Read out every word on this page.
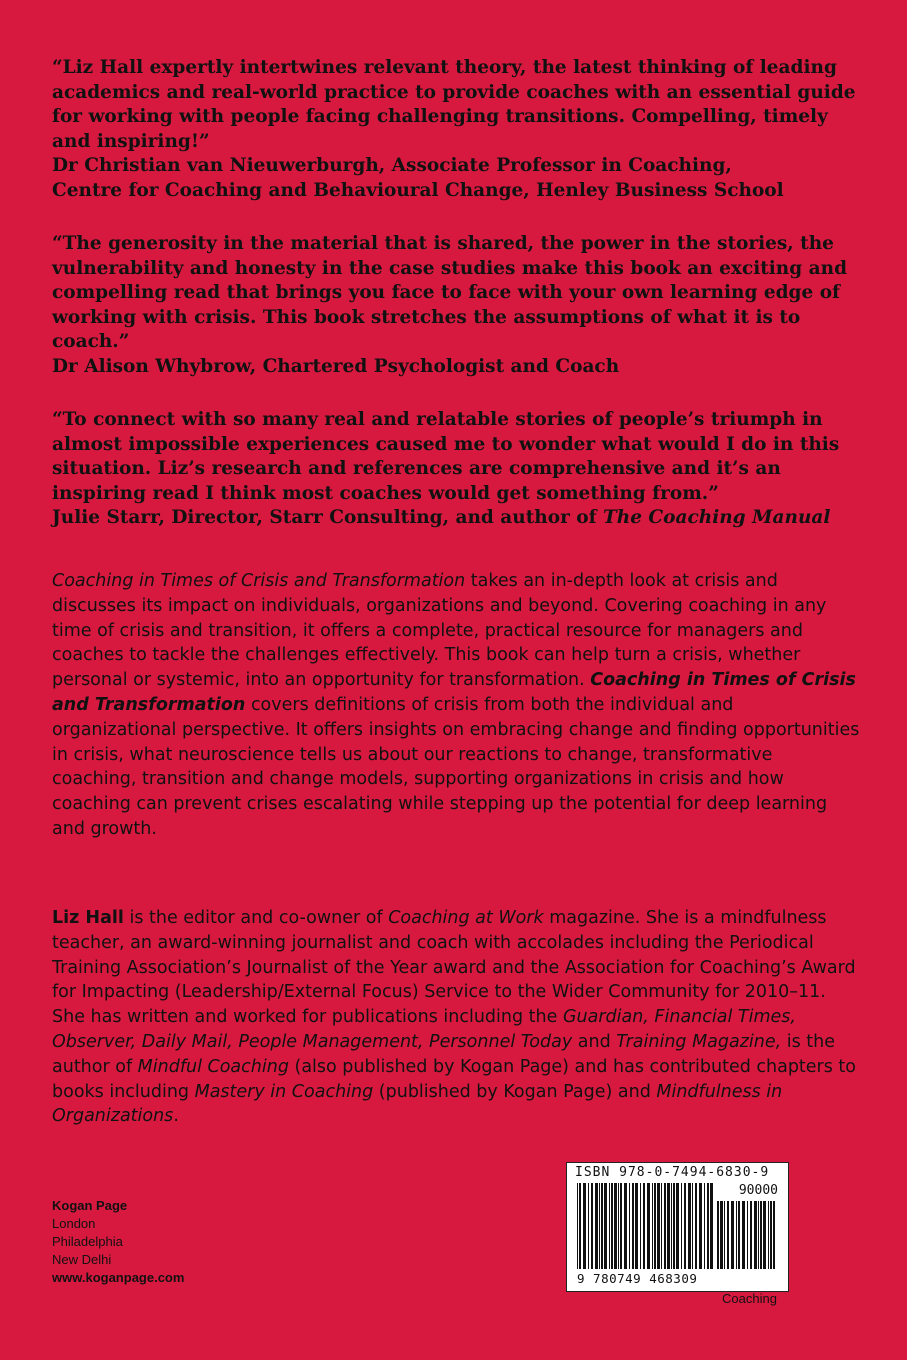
“Liz Hall expertly intertwines relevant theory, the latest thinking of leading academics and real-world practice to provide coaches with an essential guide for working with people facing challenging transitions. Compelling, timely and inspiring!”

Dr Christian van Nieuwerburgh, Associate Professor in Coaching,

Centre for Coaching and Behavioural Change, Henley Business School

“The generosity in the material that is shared, the power in the stories, the vulnerability and honesty in the case studies make this book an exciting and compelling read that brings you face to face with your own learning edge of working with crisis. This book stretches the assumptions of what it is to coach.”

Dr Alison Whybrow, Chartered Psychologist and Coach

“To connect with so many real and relatable stories of people’s triumph in almost impossible experiences caused me to wonder what would I do in this situation. Liz’s research and references are comprehensive and it’s an inspiring read I think most coaches would get something from.”

Julie Starr, Director, Starr Consulting, and author of The Coaching Manual

Coaching in Times of Crisis and Transformation takes an in-depth look at crisis and discusses its impact on individuals, organizations and beyond. Covering coaching in any time of crisis and transition, it offers a complete, practical resource for managers and coaches to tackle the challenges effectively. This book can help turn a crisis, whether personal or systemic, into an opportunity for transformation. Coaching in Times of Crisis and Transformation covers definitions of crisis from both the individual and organizational perspective. It offers insights on embracing change and finding opportunities in crisis, what neuroscience tells us about our reactions to change, transformative coaching, transition and change models, supporting organizations in crisis and how coaching can prevent crises escalating while stepping up the potential for deep learning and growth.

Liz Hall is the editor and co-owner of Coaching at Work magazine. She is a mindfulness teacher, an award-winning journalist and coach with accolades including the Periodical Training Association’s Journalist of the Year award and the Association for Coaching’s Award for Impacting (Leadership/External Focus) Service to the Wider Community for 2010–11. She has written and worked for publications including the Guardian, Financial Times, Observer, Daily Mail, People Management, Personnel Today and Training Magazine, is the author of Mindful Coaching (also published by Kogan Page) and has contributed chapters to books including Mastery in Coaching (published by Kogan Page) and Mindfulness in Organizations.

Kogan Page
London
Philadelphia
New Delhi
www.koganpage.com
ISBN 978-0-7494-6830-9
90000
9 780749 468309
Coaching
